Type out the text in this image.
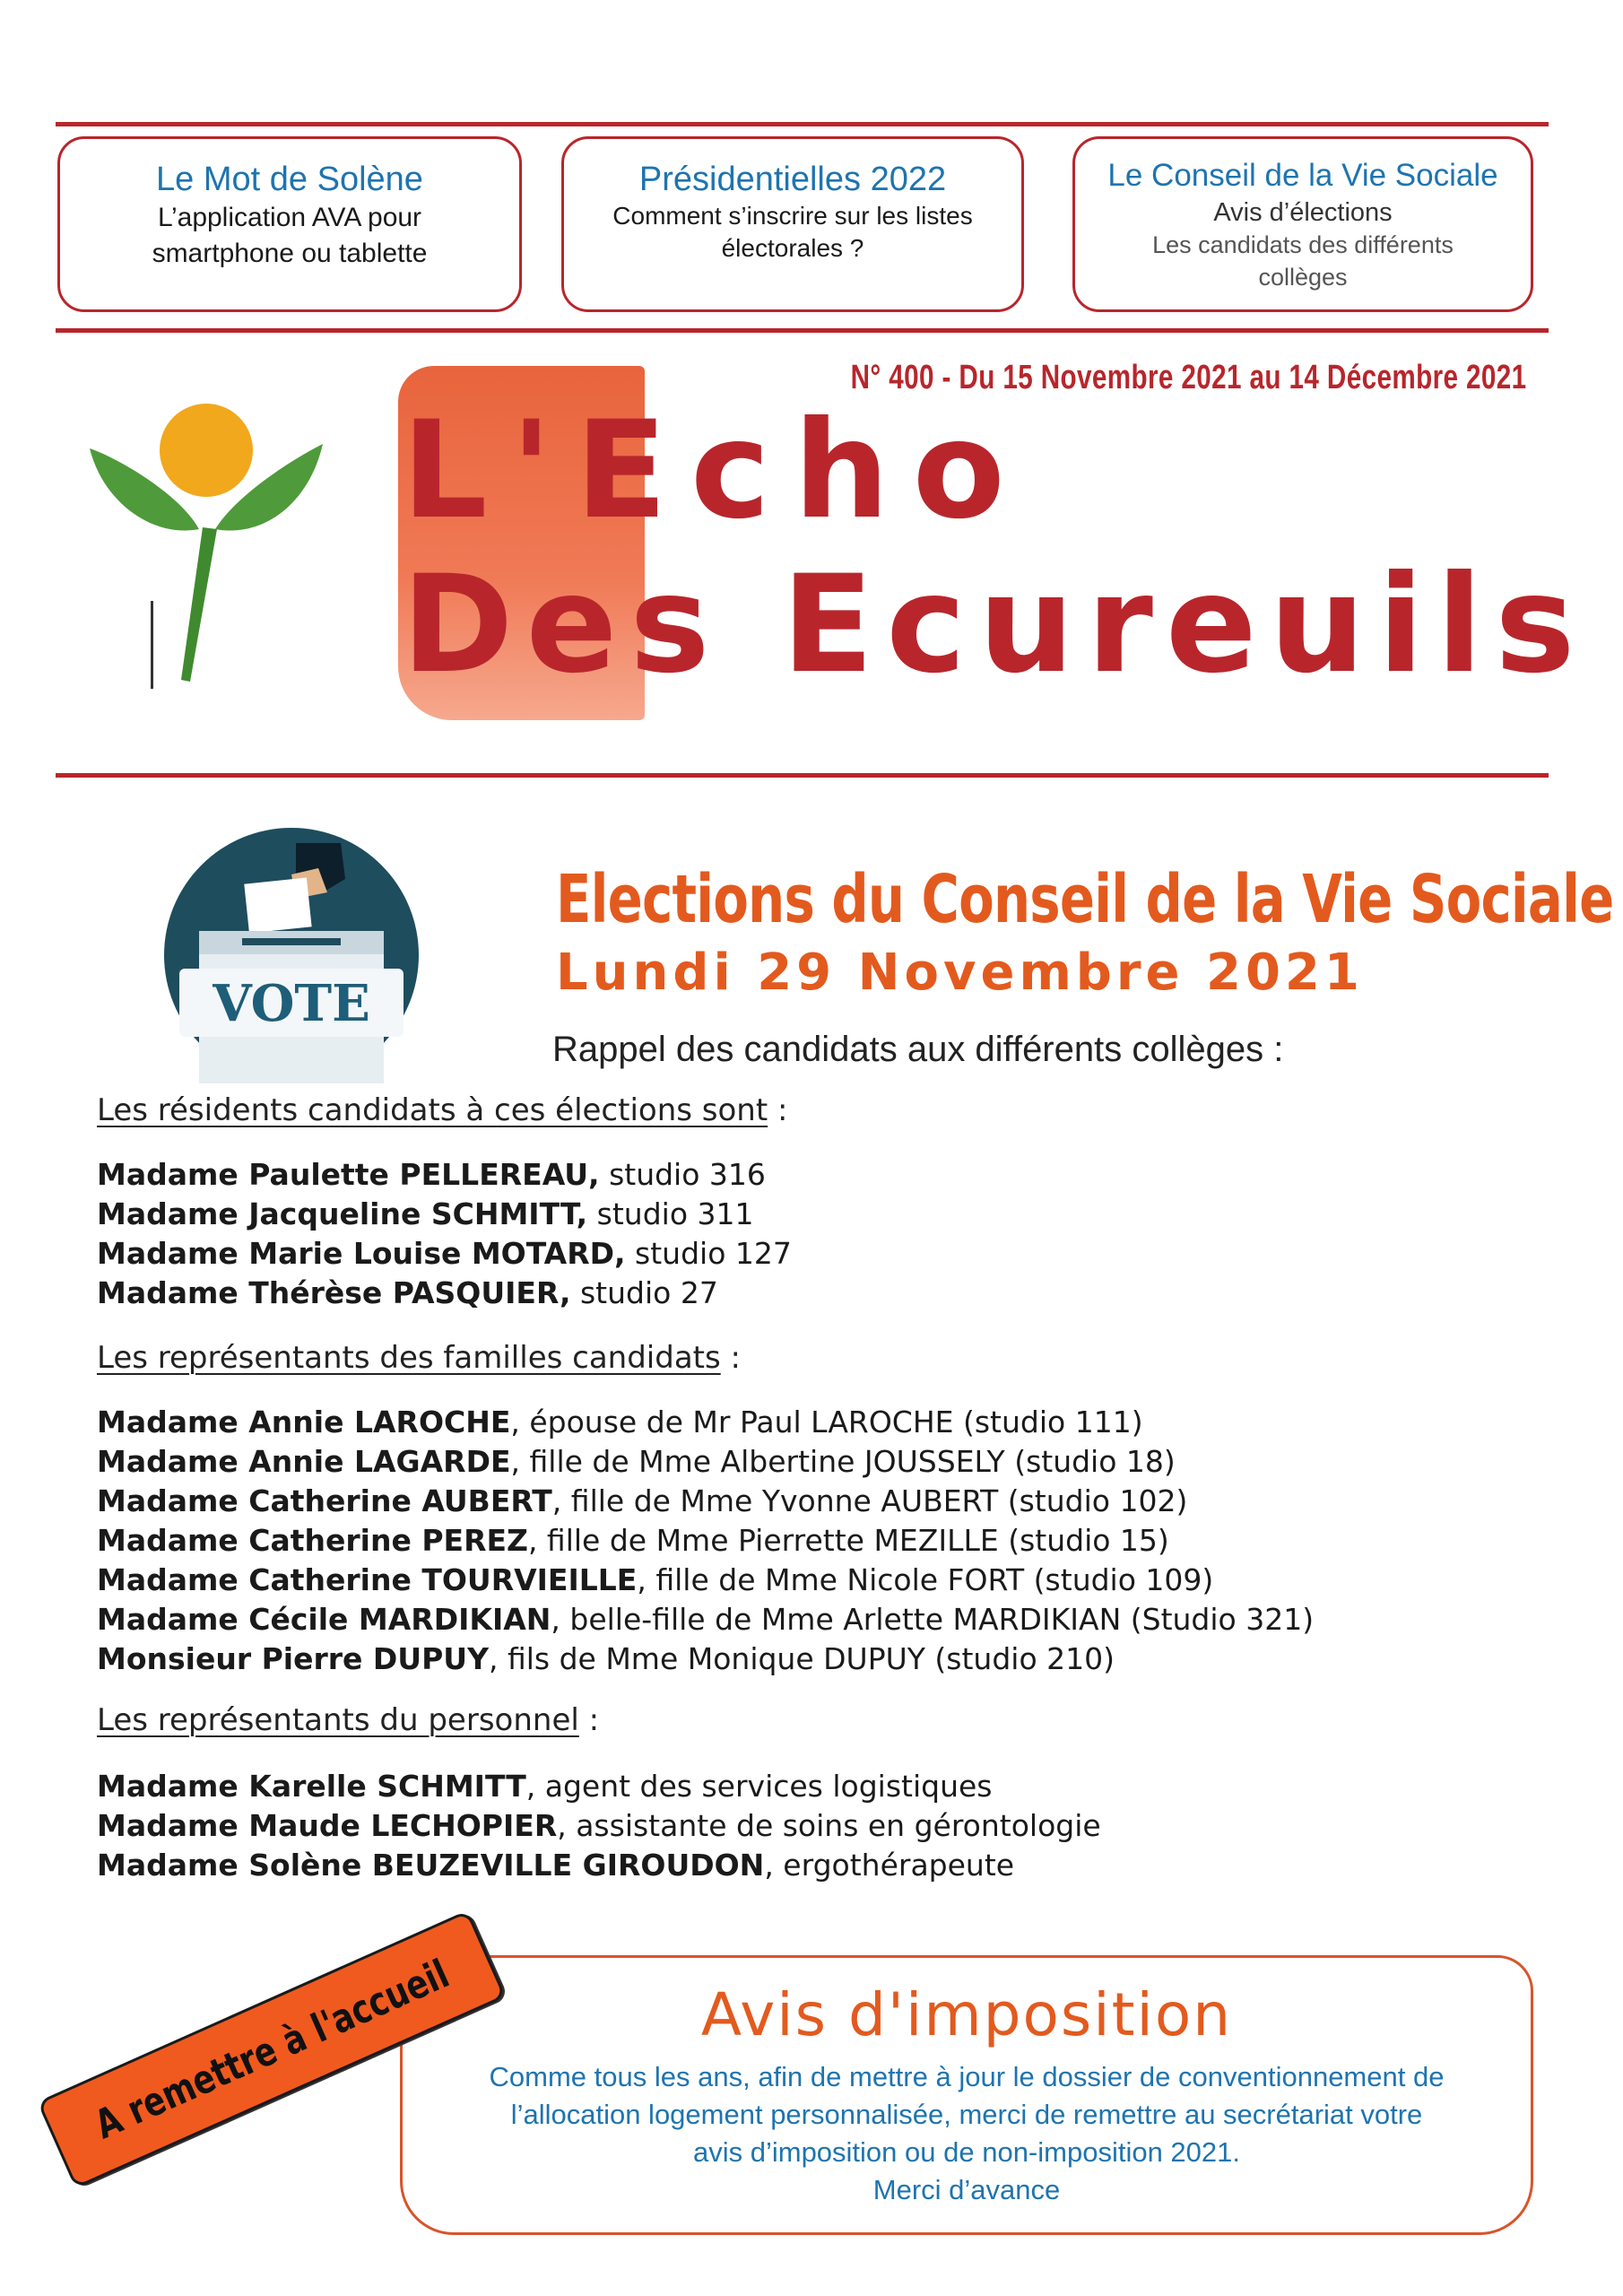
Le Mot de Solène
L’application AVA pour
smartphone ou tablette
Présidentielles 2022
Comment s’inscrire sur les listes
électorales ?
Le Conseil de la Vie Sociale
Avis d’élections
Les candidats des différents
collèges
N° 400 - Du 15 Novembre 2021 au 14 Décembre 2021
L'Echo
Des Ecureuils
VOTE
Elections du Conseil de la Vie Sociale
Lundi 29 Novembre 2021
Rappel des candidats aux différents collèges :
Les résidents candidats à ces élections sont :
Madame Paulette PELLEREAU, studio 316
Madame Jacqueline SCHMITT, studio 311
Madame Marie Louise MOTARD, studio 127
Madame Thérèse PASQUIER, studio 27
Les représentants des familles candidats :
Madame Annie LAROCHE, épouse de Mr Paul LAROCHE (studio 111)
Madame Annie LAGARDE, fille de Mme Albertine JOUSSELY (studio 18)
Madame Catherine AUBERT, fille de Mme Yvonne AUBERT (studio 102)
Madame Catherine PEREZ, fille de Mme Pierrette MEZILLE (studio 15)
Madame Catherine TOURVIEILLE, fille de Mme Nicole FORT (studio 109)
Madame Cécile MARDIKIAN, belle-fille de Mme Arlette MARDIKIAN (Studio 321)
Monsieur Pierre DUPUY, fils de Mme Monique DUPUY (studio 210)
Les représentants du personnel :
Madame Karelle SCHMITT, agent des services logistiques
Madame Maude LECHOPIER, assistante de soins en gérontologie
Madame Solène BEUZEVILLE GIROUDON, ergothérapeute
Avis d'imposition
Comme tous les ans, afin de mettre à jour le dossier de conventionnement de
l’allocation logement personnalisée, merci de remettre au secrétariat votre
avis d’imposition ou de non-imposition 2021.
Merci d’avance
A remettre à l'accueil
